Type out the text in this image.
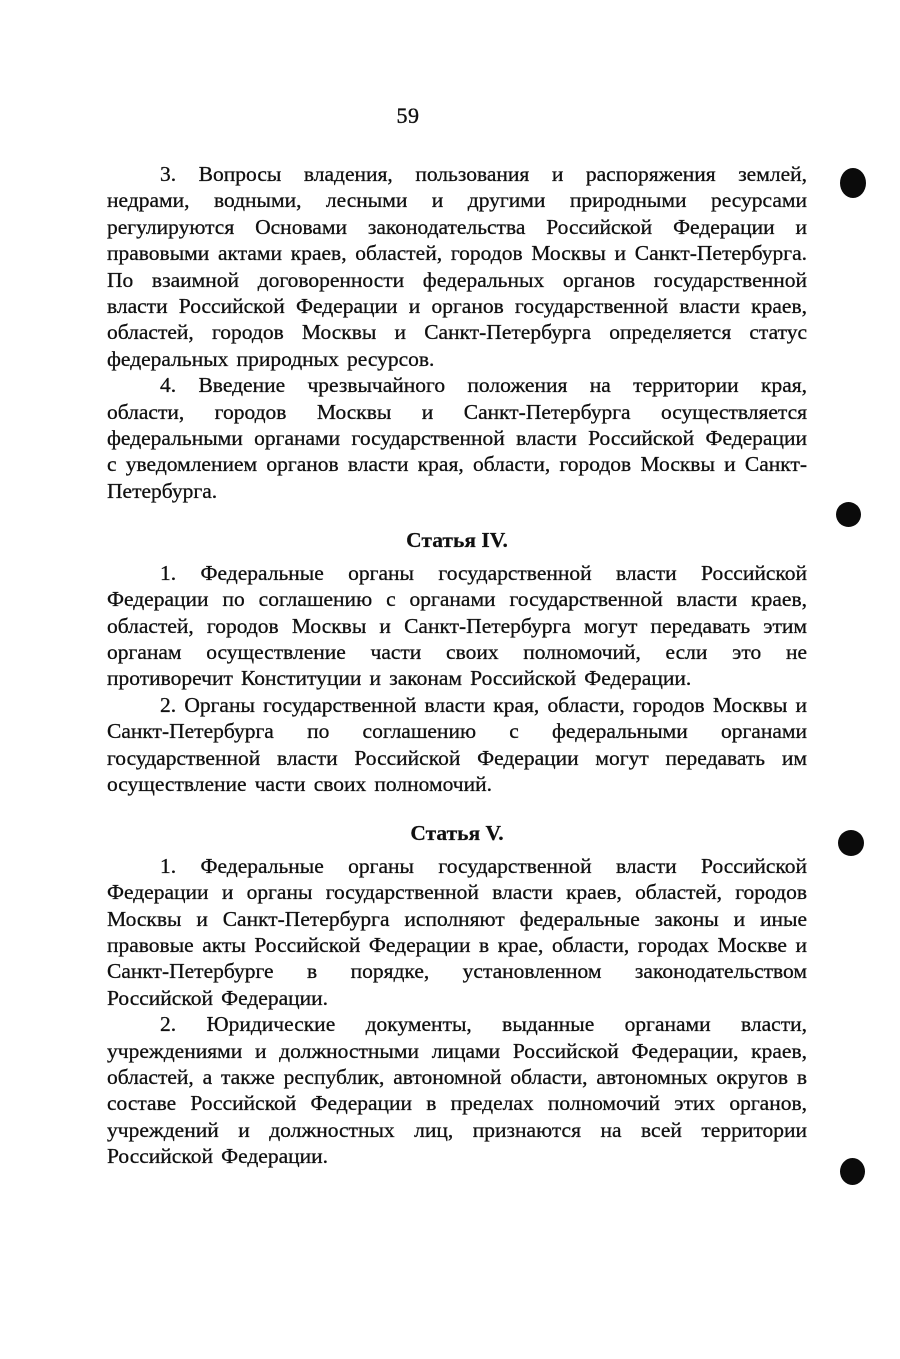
59

3. Вопросы владения, пользования и распоряжения землей, недрами, водными, лесными и другими природными ресурсами регулируются Основами законодательства Российской Федерации и правовыми актами краев, областей, городов Москвы и Санкт-Петербурга. По взаимной договоренности федеральных органов государственной власти Российской Федерации и органов государственной власти краев, областей, городов Москвы и Санкт-Петербурга определяется статус федеральных природных ресурсов.

4. Введение чрезвычайного положения на территории края, области, городов Москвы и Санкт-Петербурга осуществляется федеральными органами государственной власти Российской Федерации с уведомлением органов власти края, области, городов Москвы и Санкт-Петербурга.

Статья IV.

1. Федеральные органы государственной власти Российской Федерации по соглашению с органами государственной власти краев, областей, городов Москвы и Санкт-Петербурга могут передавать этим органам осуществление части своих полномочий, если это не противоречит Конституции и законам Российской Федерации.

2. Органы государственной власти края, области, городов Москвы и Санкт-Петербурга по соглашению с федеральными органами государственной власти Российской Федерации могут передавать им осуществление части своих полномочий.

Статья V.

1. Федеральные органы государственной власти Российской Федерации и органы государственной власти краев, областей, городов Москвы и Санкт-Петербурга исполняют федеральные законы и иные правовые акты Российской Федерации в крае, области, городах Москве и Санкт-Петербурге в порядке, установленном законодательством Российской Федерации.

2. Юридические документы, выданные органами власти, учреждениями и должностными лицами Российской Федерации, краев, областей, а также республик, автономной области, автономных округов в составе Российской Федерации в пределах полномочий этих органов, учреждений и должностных лиц, признаются на всей территории Российской Федерации.
